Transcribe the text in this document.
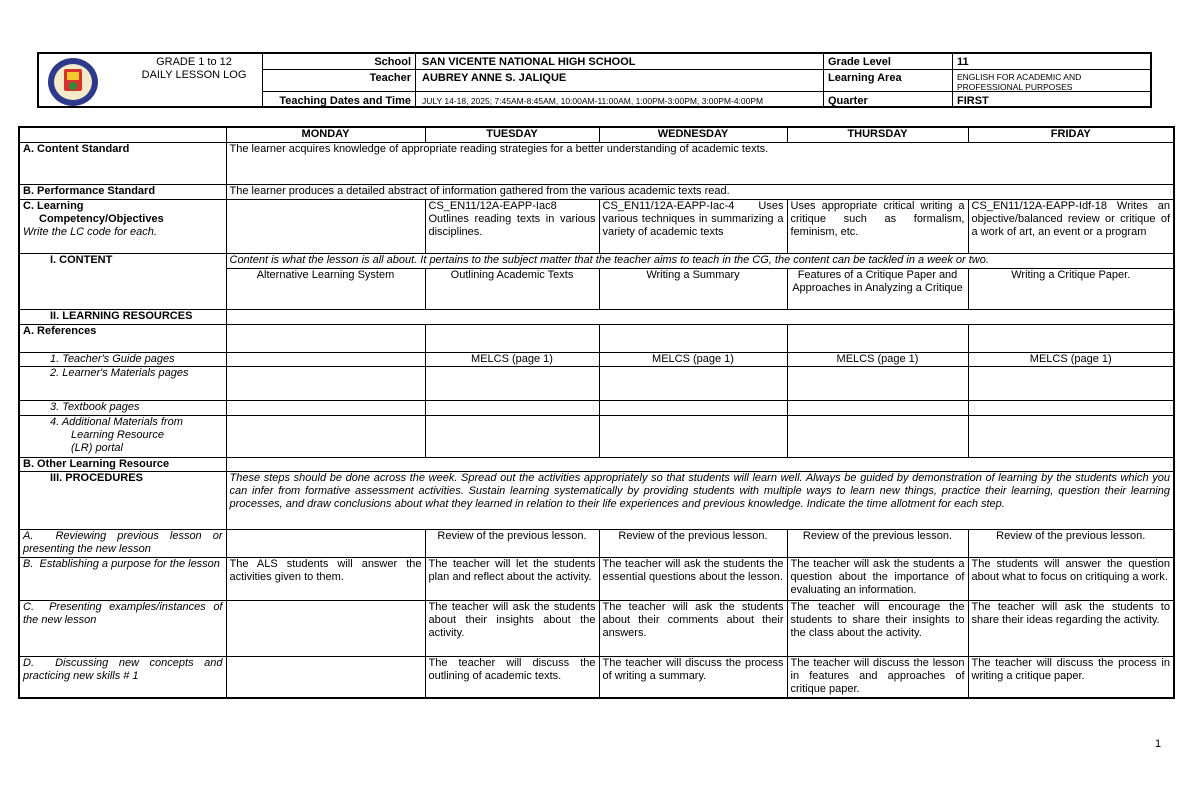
GRADE 1 to 12
DAILY LESSON LOG
School SAN VICENTE NATIONAL HIGH SCHOOL
Teacher AUBREY ANNE S. JALIQUE
Teaching Dates and Time	JULY 14-18, 2025; 7:45AM-8:45AM, 10:00AM-11:00AM, 1:00PM-3:00PM, 3:00PM-4:00PM
Grade Level	11
Learning Area	ENGLISH FOR ACADEMIC AND PROFESSIONAL PURPOSES
Quarter	FIRST
	MONDAY	TUESDAY	WEDNESDAY	THURSDAY	FRIDAY
A. Content Standard	The learner acquires knowledge of appropriate reading strategies for a better understanding of academic texts.				
B. Performance Standard	The learner produces a detailed abstract of information gathered from the various academic texts read.				

C. Learning
Competency/Objectives
Write the LC code for each.		CS_EN11/12A-EAPP-Iac8 Outlines reading texts in various disciplines.	CS_EN11/12A-EAPP-Iac-4 Uses various techniques in summarizing a variety of academic texts	Uses appropriate critical writing a critique such as formalism, feminism, etc.	CS_EN11/12A-EAPP-Idf-18 Writes an objective/balanced review or critique of a work of art, an event or a program
I. CONTENT	Content is what the lesson is all about. It pertains to the subject matter that the teacher aims to teach in the CG, the content can be tackled in a week or two.				
	Alternative Learning System	Outlining Academic Texts	Writing a Summary	Features of a Critique Paper and Approaches in Analyzing a Critique	Writing a Critique Paper.
II. LEARNING RESOURCES					
A. References					
1. Teacher's Guide pages		MELCS (page 1)	MELCS (page 1)	MELCS (page 1)	MELCS (page 1)
2. Learner's Materials pages					
3. Textbook pages					

4. Additional Materials from
Learning Resource
(LR) portal					

B. Other Learning Resource					
III. PROCEDURES	These steps should be done across the week. Spread out the activities appropriately so that students will learn well. Always be guided by demonstration of learning by the students which you can infer from formative assessment activities. Sustain learning systematically by providing students with multiple ways to learn new things, practice their learning, question their learning processes, and draw conclusions about what they learned in relation to their life experiences and previous knowledge. Indicate the time allotment for each step.				
A. Reviewing previous lesson or presenting the new lesson		Review of the previous lesson.	Review of the previous lesson.	Review of the previous lesson.	Review of the previous lesson.
B. Establishing a purpose for the lesson	The ALS students will answer the activities given to them.	The teacher will let the students plan and reflect about the activity.	The teacher will ask the students the essential questions about the lesson.	The teacher will ask the students a question about the importance of evaluating an information.	The students will answer the question about what to focus on critiquing a work.
C. Presenting examples/instances of the new lesson		The teacher will ask the students about their insights about the activity.	The teacher will ask the students about their comments about their answers.	The teacher will encourage the students to share their insights to the class about the activity.	The teacher will ask the students to share their ideas regarding the activity.
D. Discussing new concepts and practicing new skills # 1		The teacher will discuss the outlining of academic texts.	The teacher will discuss the process of writing a summary.	The teacher will discuss the lesson in features and approaches of critique paper.	The teacher will discuss the process in writing a critique paper.
1
